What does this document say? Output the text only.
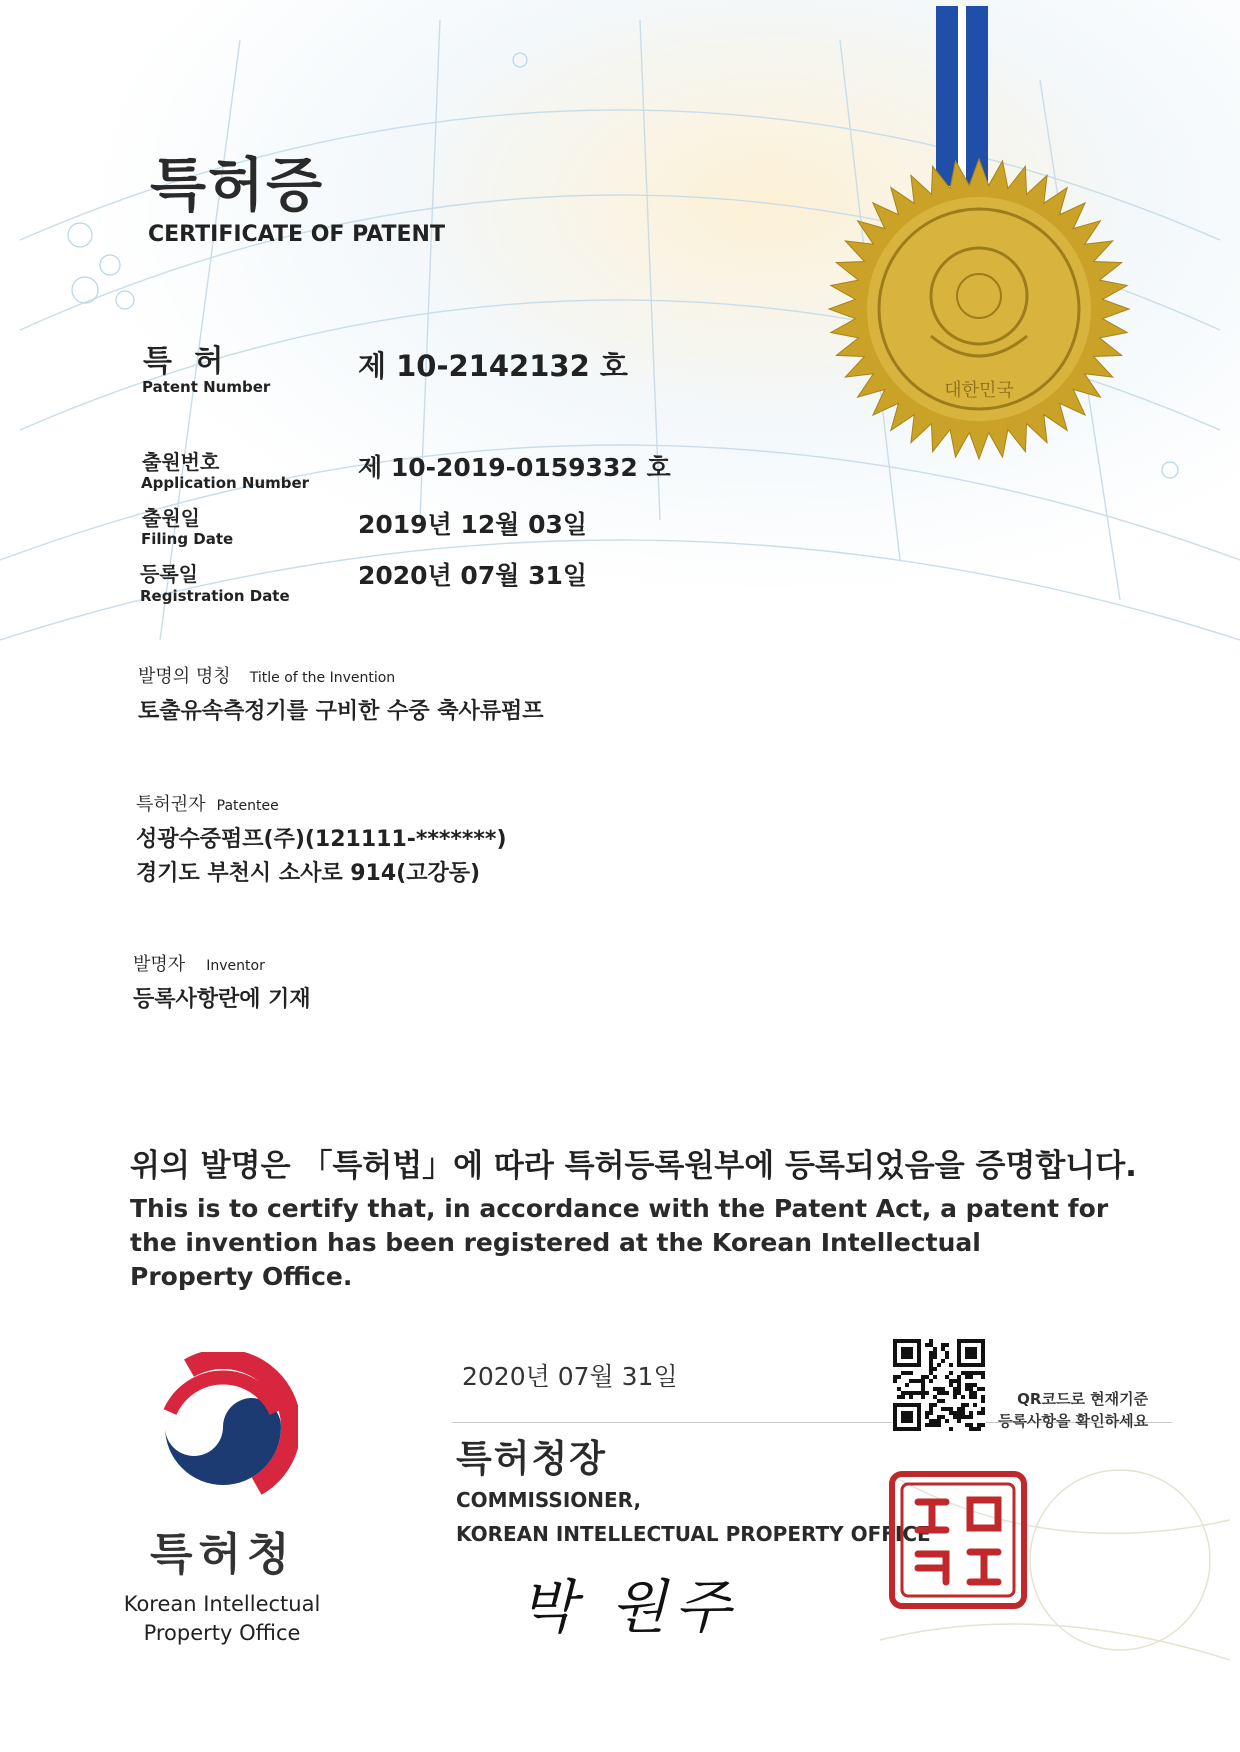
대한민국
특허증
CERTIFICATE OF PATENT
특 허
Patent Number
제 10-2142132 호
출원번호
Application Number
제 10-2019-0159332 호
출원일
Filing Date	2019년 12월 03일
등록일
Registration Date
2020년 07월 31일
발명의 명칭 Title of the Invention
토출유속측정기를 구비한 수중 축사류펌프
특허권자 Patentee
성광수중펌프(주)(121111-*******)
경기도 부천시 소사로 914(고강동)
발명자 Inventor
등록사항란에 기재
위의 발명은 「특허법」에 따라 특허등록원부에 등록되었음을 증명합니다.
This is to certify that, in accordance with the Patent Act, a patent for the invention has been registered at the Korean Intellectual Property Office.
특허청
Korean Intellectual
Property Office
2020년 07월 31일
특허청장
COMMISSIONER,
KOREAN INTELLECTUAL PROPERTY OFFICE
박 원주
QR코드로 현재기준
등록사항을 확인하세요
